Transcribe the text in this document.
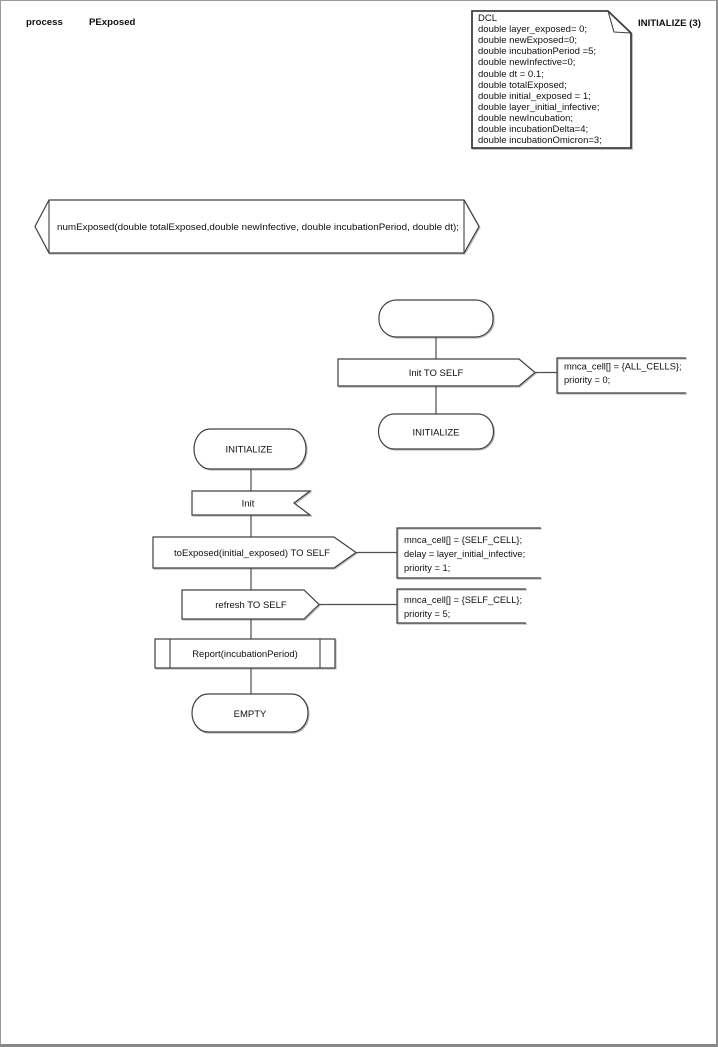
process	PExposed	INITIALIZE (3)
DCL
double layer_exposed= 0;
double newExposed=0;
double incubationPeriod =5;
double newInfective=0;
double dt = 0.1;
double totalExposed;
double initial_exposed = 1;
double layer_initial_infective;
double newIncubation;
double incubationDelta=4;
double incubationOmicron=3;
numExposed(double totalExposed,double newInfective, double incubationPeriod, double dt);
Init TO SELF
mnca_cell[] = {ALL_CELLS};
priority = 0;
INITIALIZE
INITIALIZE
Init
toExposed(initial_exposed) TO SELF
mnca_cell[] = {SELF_CELL};
delay = layer_initial_infective;
priority = 1;
refresh TO SELF	mnca_cell[] = {SELF_CELL};
priority = 5;
Report(incubationPeriod)
EMPTY
